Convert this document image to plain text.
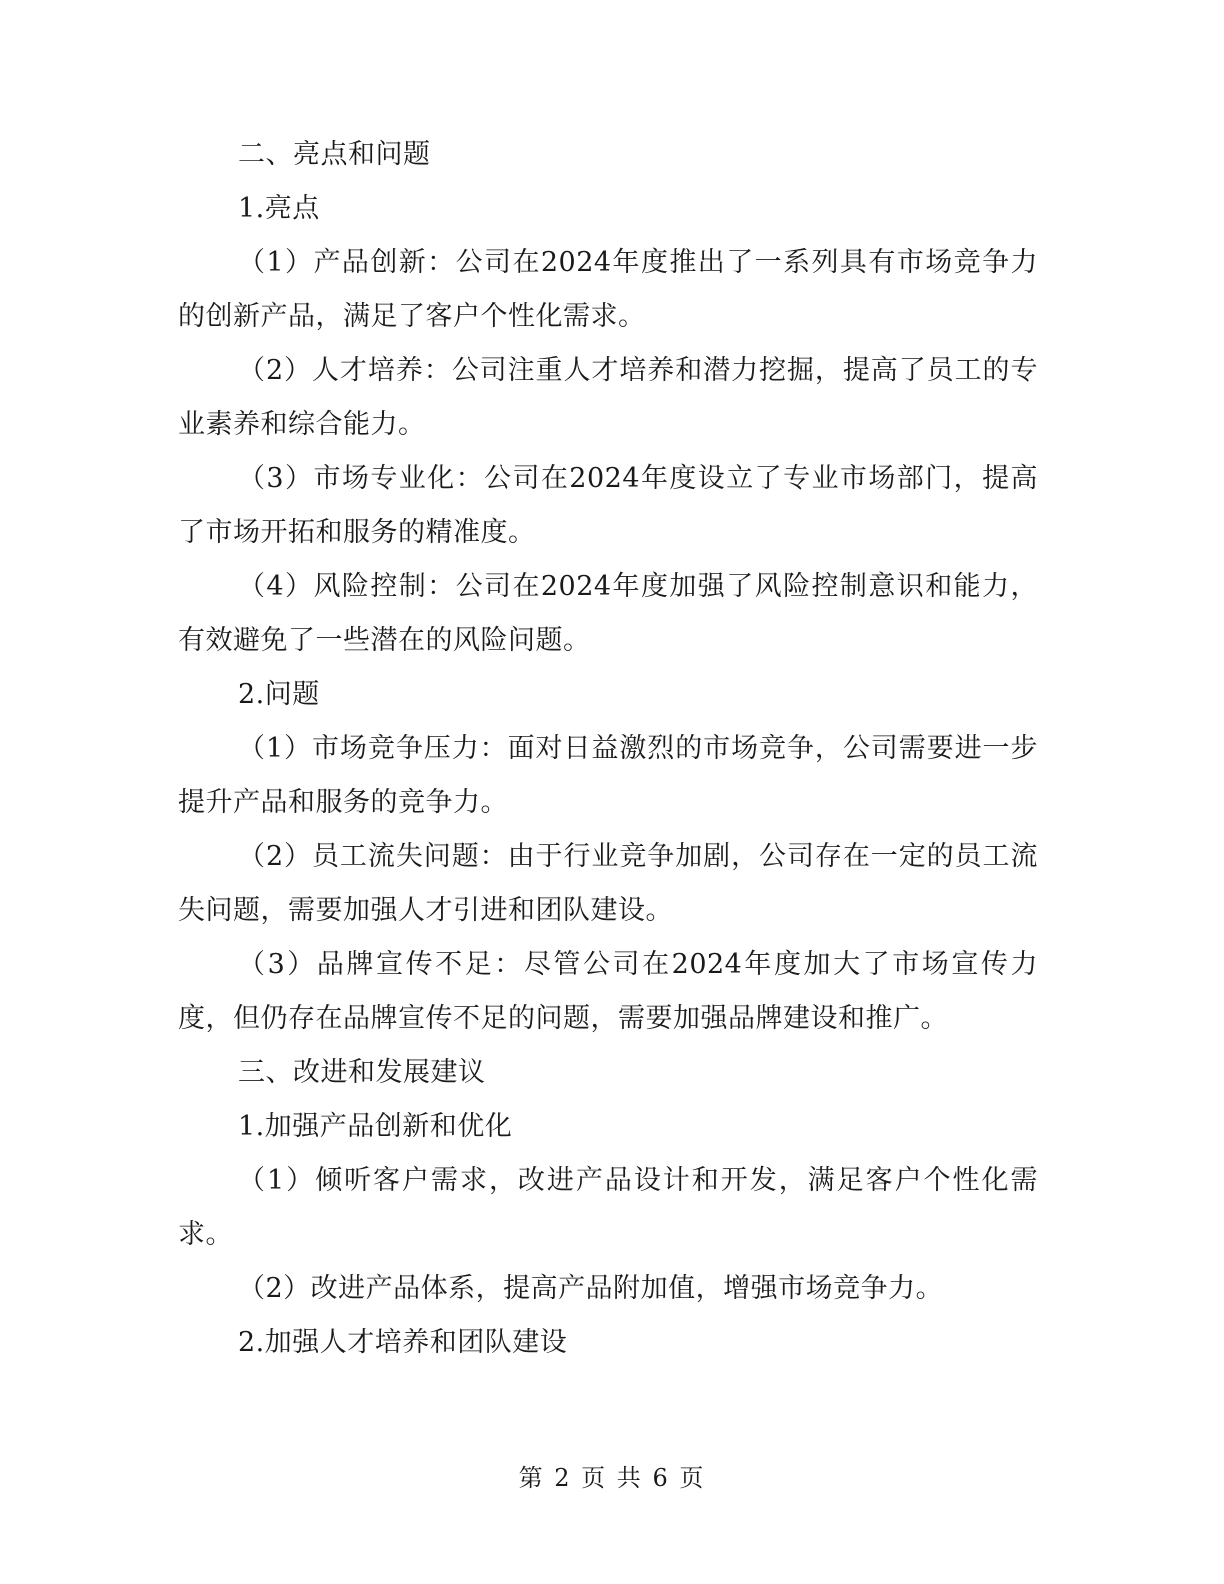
二、亮点和问题

1.亮点

（1）产品创新：公司在2024年度推出了一系列具有市场竞争力的创新产品，满足了客户个性化需求。

（2）人才培养：公司注重人才培养和潜力挖掘，提高了员工的专业素养和综合能力。

（3）市场专业化：公司在2024年度设立了专业市场部门，提高了市场开拓和服务的精准度。

（4）风险控制：公司在2024年度加强了风险控制意识和能力，有效避免了一些潜在的风险问题。

2.问题

（1）市场竞争压力：面对日益激烈的市场竞争，公司需要进一步提升产品和服务的竞争力。

（2）员工流失问题：由于行业竞争加剧，公司存在一定的员工流失问题，需要加强人才引进和团队建设。

（3）品牌宣传不足：尽管公司在2024年度加大了市场宣传力度，但仍存在品牌宣传不足的问题，需要加强品牌建设和推广。

三、改进和发展建议

1.加强产品创新和优化

（1）倾听客户需求，改进产品设计和开发，满足客户个性化需求。

（2）改进产品体系，提高产品附加值，增强市场竞争力。

2.加强人才培养和团队建设

第 2 页 共 6 页
